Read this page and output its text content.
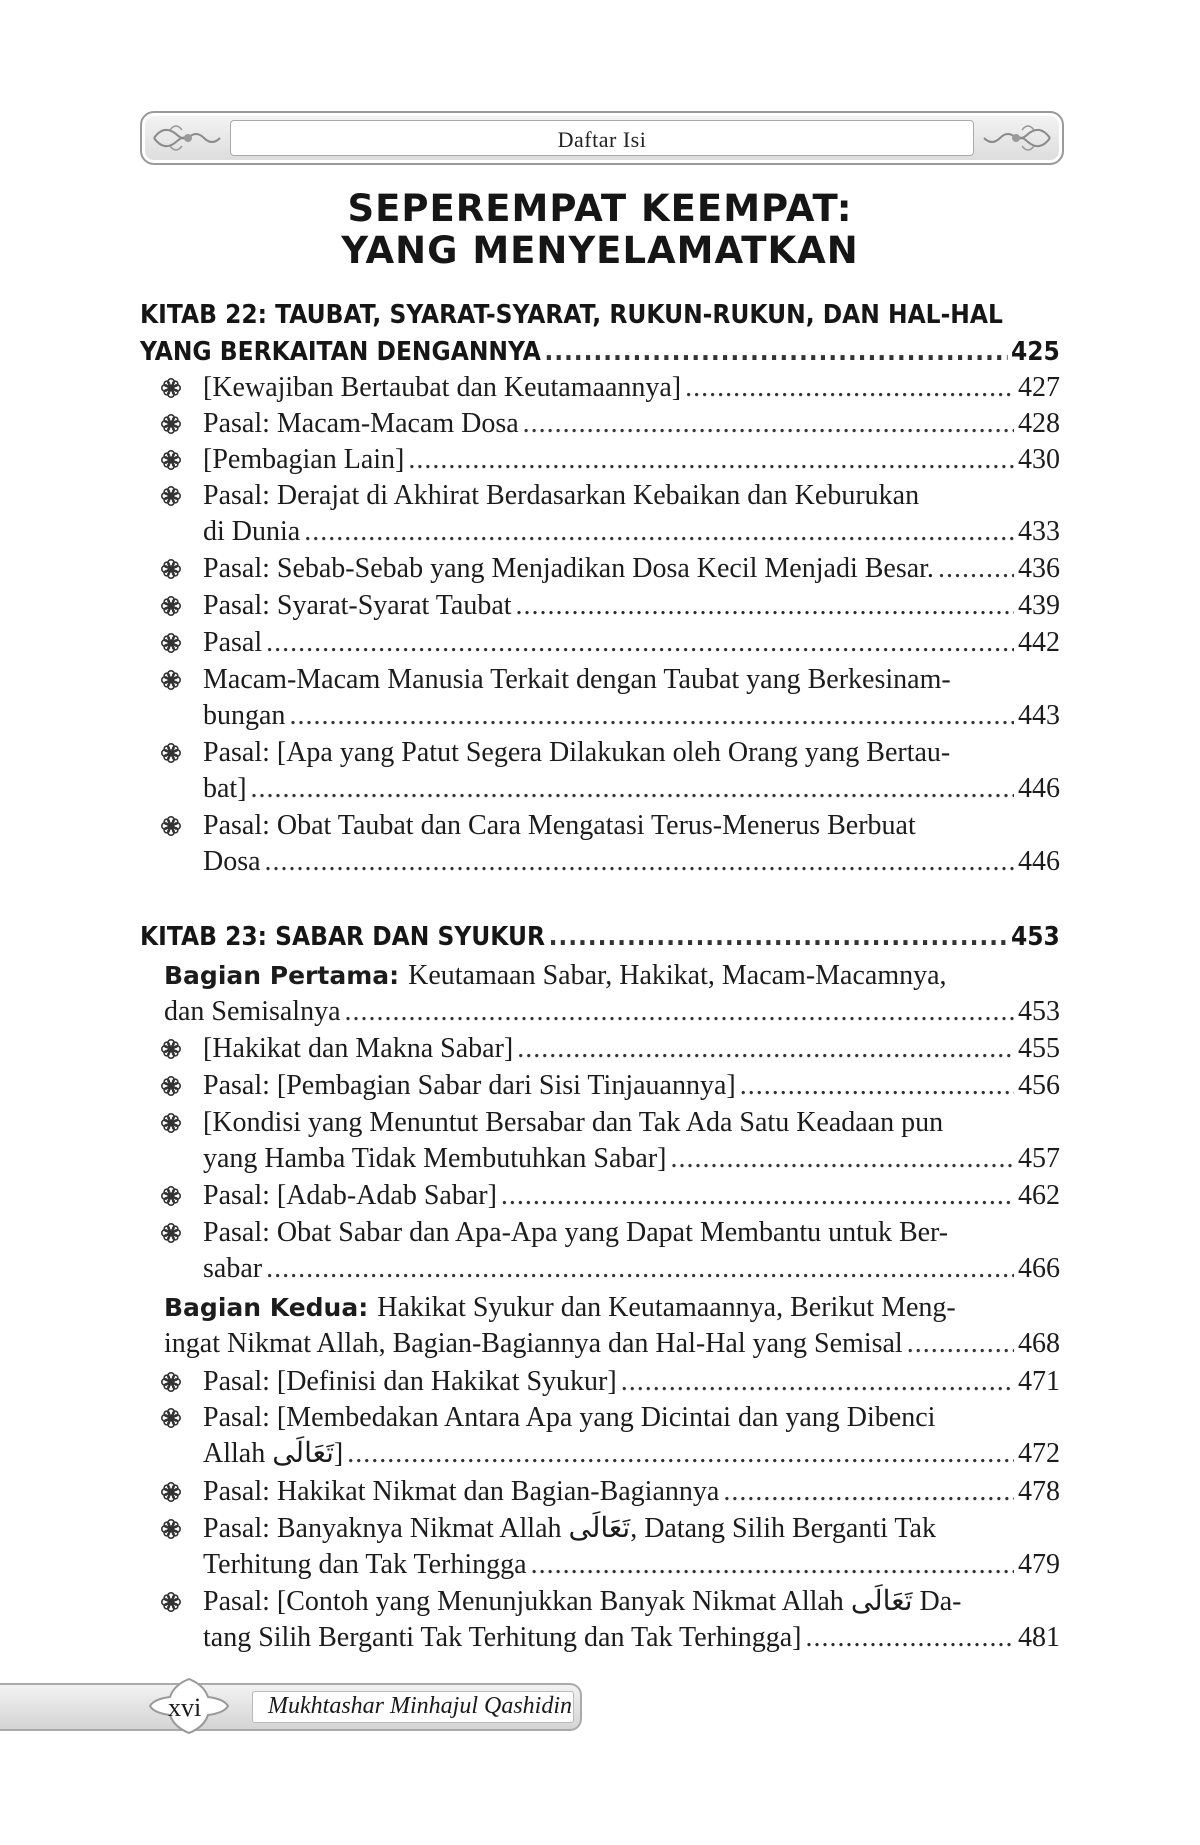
Daftar Isi
SEPEREMPAT KEEMPAT:
YANG MENYELAMATKAN
KITAB 22: TAUBAT, SYARAT-SYARAT, RUKUN-RUKUN, DAN HAL-HAL
YANG BERKAITAN DENGANNYA .....	425
[Kewajiban Bertaubat dan Keutamaannya] .....	427
Pasal: Macam-Macam Dosa .....	428
[Pembagian Lain] .....	430
Pasal: Derajat di Akhirat Berdasarkan Kebaikan dan Keburukan
di Dunia .....	433
Pasal: Sebab-Sebab yang Menjadikan Dosa Kecil Menjadi Besar. .....	436
Pasal: Syarat-Syarat Taubat .....	439
Pasal .....	442
Macam-Macam Manusia Terkait dengan Taubat yang Berkesinam-
bungan .....	443
Pasal: [Apa yang Patut Segera Dilakukan oleh Orang yang Bertau-
bat] .....	446
Pasal: Obat Taubat dan Cara Mengatasi Terus-Menerus Berbuat
Dosa .....	446
KITAB 23: SABAR DAN SYUKUR .....	453
Bagian Pertama: Keutamaan Sabar, Hakikat, Macam-Macamnya,
dan Semisalnya .....	453
[Hakikat dan Makna Sabar] .....	455
Pasal: [Pembagian Sabar dari Sisi Tinjauannya] .....	456
[Kondisi yang Menuntut Bersabar dan Tak Ada Satu Keadaan pun
yang Hamba Tidak Membutuhkan Sabar] .....	457
Pasal: [Adab-Adab Sabar] .....	462
Pasal: Obat Sabar dan Apa-Apa yang Dapat Membantu untuk Ber-
sabar .....	466
Bagian Kedua: Hakikat Syukur dan Keutamaannya, Berikut Meng-
ingat Nikmat Allah, Bagian-Bagiannya dan Hal-Hal yang Semisal .....	468
Pasal: [Definisi dan Hakikat Syukur] .....	471
Pasal: [Membedakan Antara Apa yang Dicintai dan yang Dibenci
Allah تَعَالَى] .....	472
Pasal: Hakikat Nikmat dan Bagian-Bagiannya .....	478
Pasal: Banyaknya Nikmat Allah تَعَالَى, Datang Silih Berganti Tak
Terhitung dan Tak Terhingga .....	479
Pasal: [Contoh yang Menunjukkan Banyak Nikmat Allah تَعَالَى Da-
tang Silih Berganti Tak Terhitung dan Tak Terhingga] .....	481
xvi	Mukhtashar Minhajul Qashidin
